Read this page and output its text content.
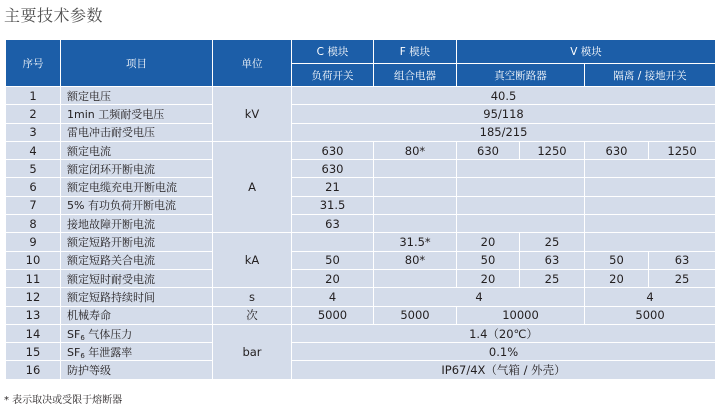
主要技术参数
序号	项目	单位	C 模块	F 模块	V 模块			
			负荷开关	组合电器	真空断路器		隔离 / 接地开关	
1	额定电压	kV	40.5					
2	1min 工频耐受电压		95/118					
3	雷电冲击耐受电压		185/215					
4	额定电流	A	630	80*	630	1250	630	1250
5	额定闭环开断电流		630					
6	额定电缆充电开断电流		21					
7	5% 有功负荷开断电流		31.5					
8	接地故障开断电流		63					
9	额定短路开断电流	kA		31.5*	20	25		
10	额定短路关合电流		50	80*	50	63	50	63
11	额定短时耐受电流		20		20	25	20	25
12	额定短路持续时间	s	4	4			4	
13	机械寿命	次	5000	5000	10000		5000	
14	$SF_6$ 气体压力	bar	1.4（20℃）					
15	$SF_6$ 年泄露率		0.1%					
16	防护等级		IP67/4X（气箱 / 外壳）					

* 表示取决或受限于熔断器
